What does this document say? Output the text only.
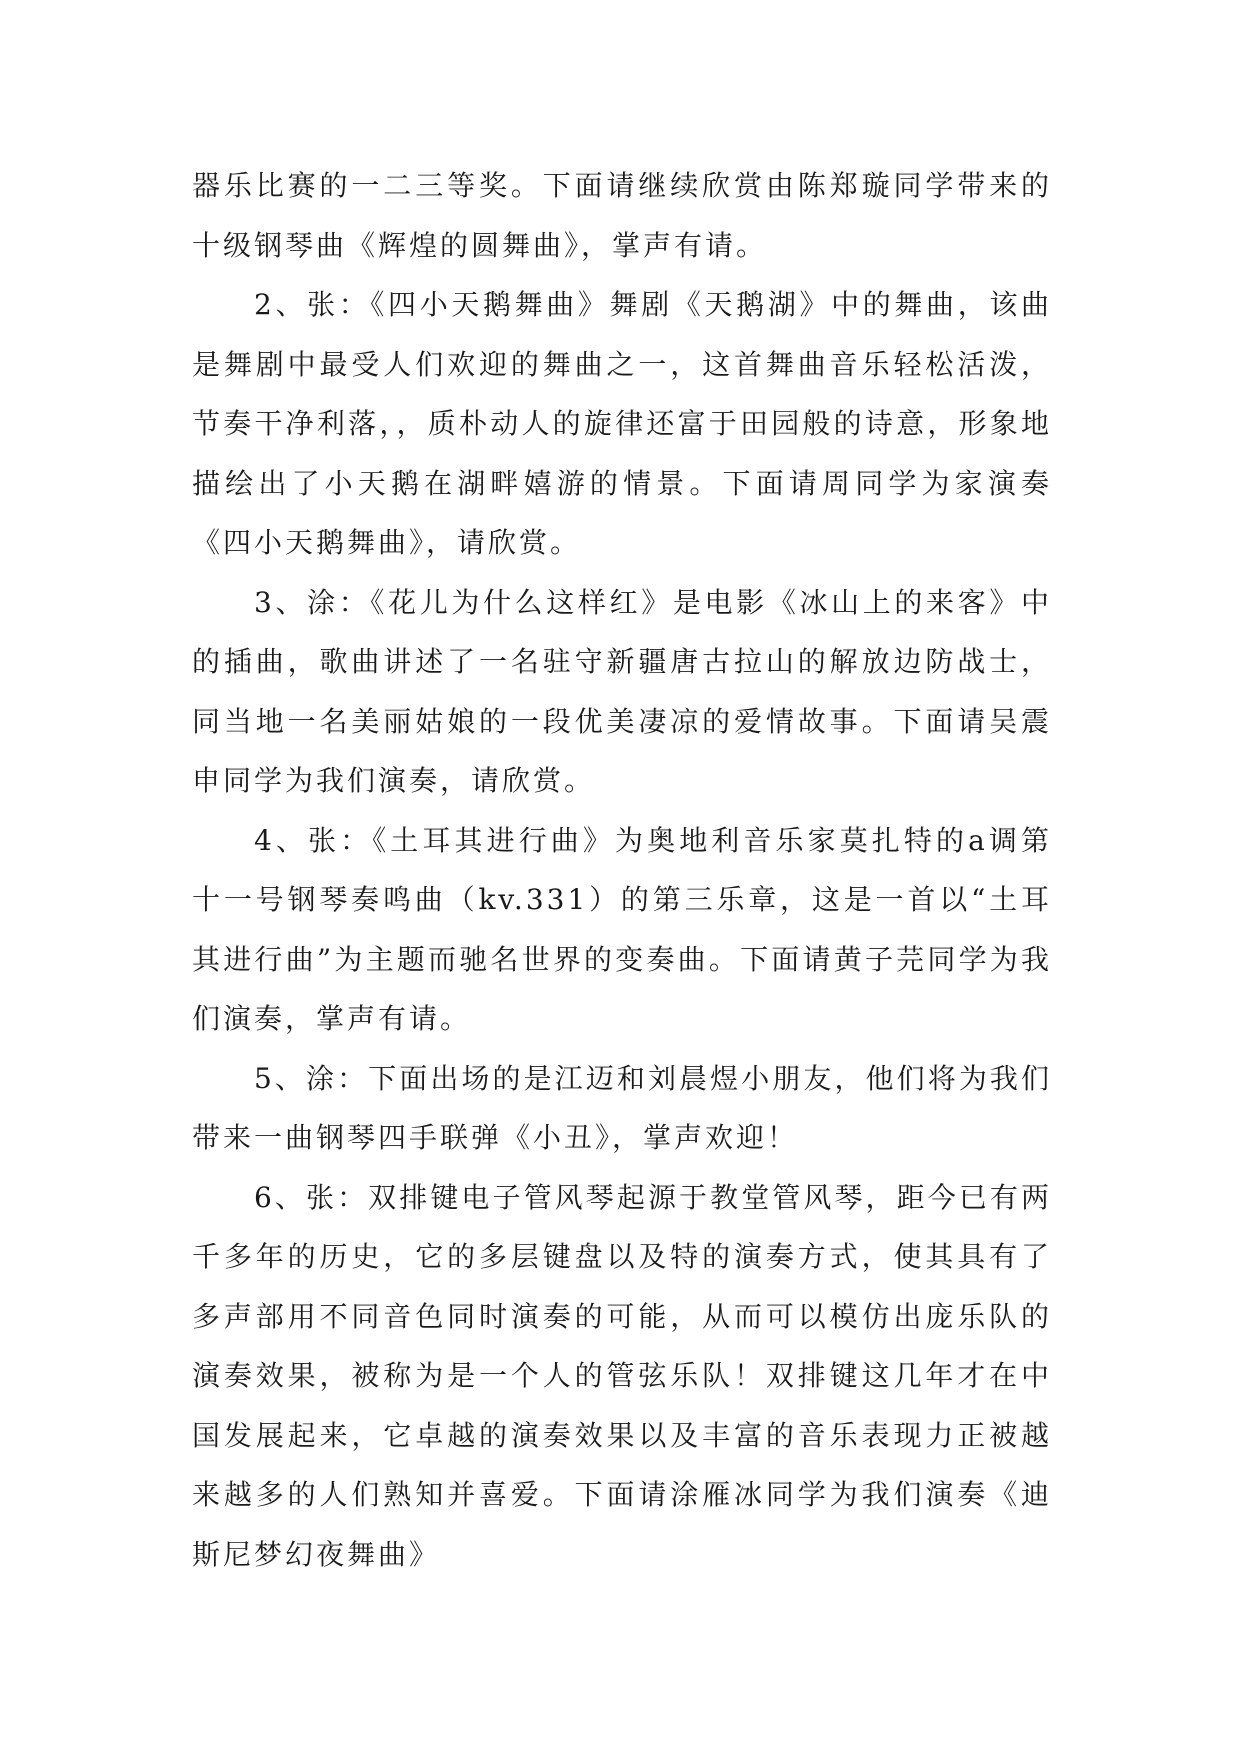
器乐比赛的一二三等奖。下面请继续欣赏由陈郑璇同学带来的十级钢琴曲《辉煌的圆舞曲》，掌声有请。

2、张：《四小天鹅舞曲》舞剧《天鹅湖》中的舞曲，该曲是舞剧中最受人们欢迎的舞曲之一，这首舞曲音乐轻松活泼，节奏干净利落，，质朴动人的旋律还富于田园般的诗意，形象地描绘出了小天鹅在湖畔嬉游的情景。下面请周同学为家演奏《四小天鹅舞曲》，请欣赏。

3、涂：《花儿为什么这样红》是电影《冰山上的来客》中的插曲，歌曲讲述了一名驻守新疆唐古拉山的解放边防战士，同当地一名美丽姑娘的一段优美凄凉的爱情故事。下面请吴震申同学为我们演奏，请欣赏。

4、张：《土耳其进行曲》为奥地利音乐家莫扎特的a调第十一号钢琴奏鸣曲（kv.331）的第三乐章，这是一首以“土耳其进行曲”为主题而驰名世界的变奏曲。下面请黄子芫同学为我们演奏，掌声有请。

5、涂：下面出场的是江迈和刘晨煜小朋友，他们将为我们带来一曲钢琴四手联弹《小丑》，掌声欢迎！

6、张：双排键电子管风琴起源于教堂管风琴，距今已有两千多年的历史，它的多层键盘以及特的演奏方式，使其具有了多声部用不同音色同时演奏的可能，从而可以模仿出庞乐队的演奏效果，被称为是一个人的管弦乐队！双排键这几年才在中国发展起来，它卓越的演奏效果以及丰富的音乐表现力正被越来越多的人们熟知并喜爱。下面请涂雁冰同学为我们演奏《迪斯尼梦幻夜舞曲》
